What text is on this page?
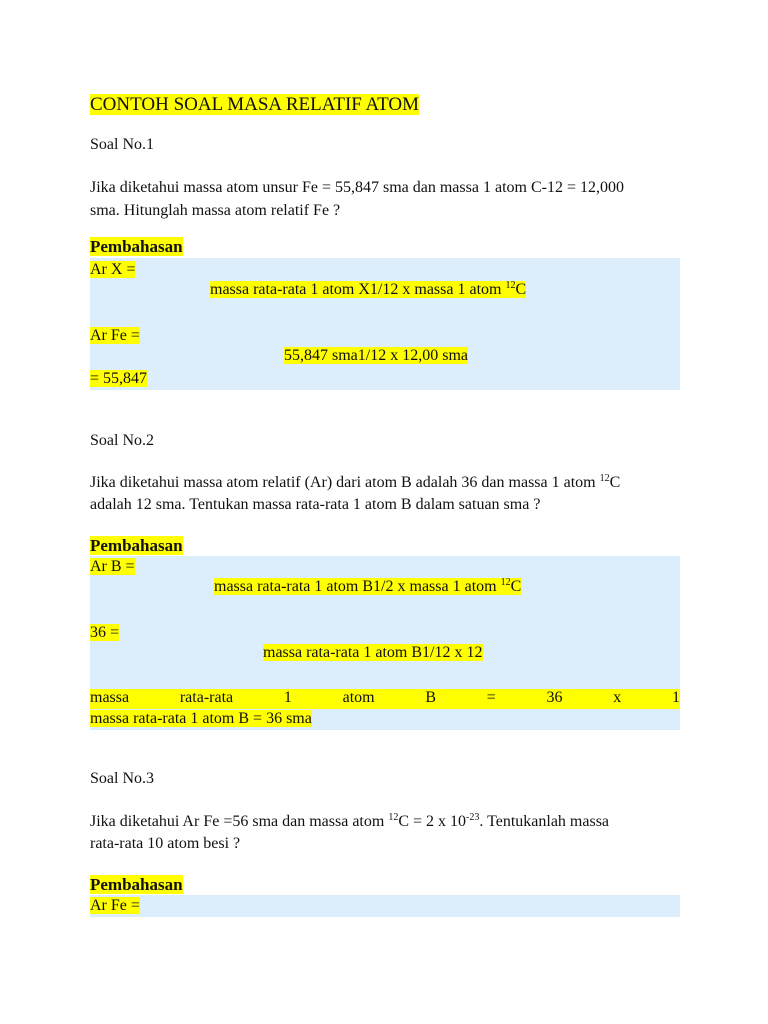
CONTOH SOAL MASA RELATIF ATOM
Soal No.1
Jika diketahui massa atom unsur Fe = 55,847 sma dan massa 1 atom C-12 = 12,000
sma. Hitunglah massa atom relatif Fe ?
Pembahasan
Ar X =
massa rata-rata 1 atom X1/12 x massa 1 atom $^{12}$C
Ar Fe =
55,847 sma1/12 x 12,00 sma
= 55,847
Soal No.2
Jika diketahui massa atom relatif (Ar) dari atom B adalah 36 dan massa 1 atom $^{12}$C
adalah 12 sma. Tentukan massa rata-rata 1 atom B dalam satuan sma ?
Pembahasan
Ar B =
massa rata-rata 1 atom B1/2 x massa 1 atom $^{12}$C
36 =
massa rata-rata 1 atom B1/12 x 12
massa	rata-rata	1	atom	B	=	36	x	1
massa rata-rata 1 atom B = 36 sma
Soal No.3
Jika diketahui Ar Fe =56 sma dan massa atom $^{12}$C = 2 x $10^{-23}$. Tentukanlah massa
rata-rata 10 atom besi ?
Pembahasan
Ar Fe =
